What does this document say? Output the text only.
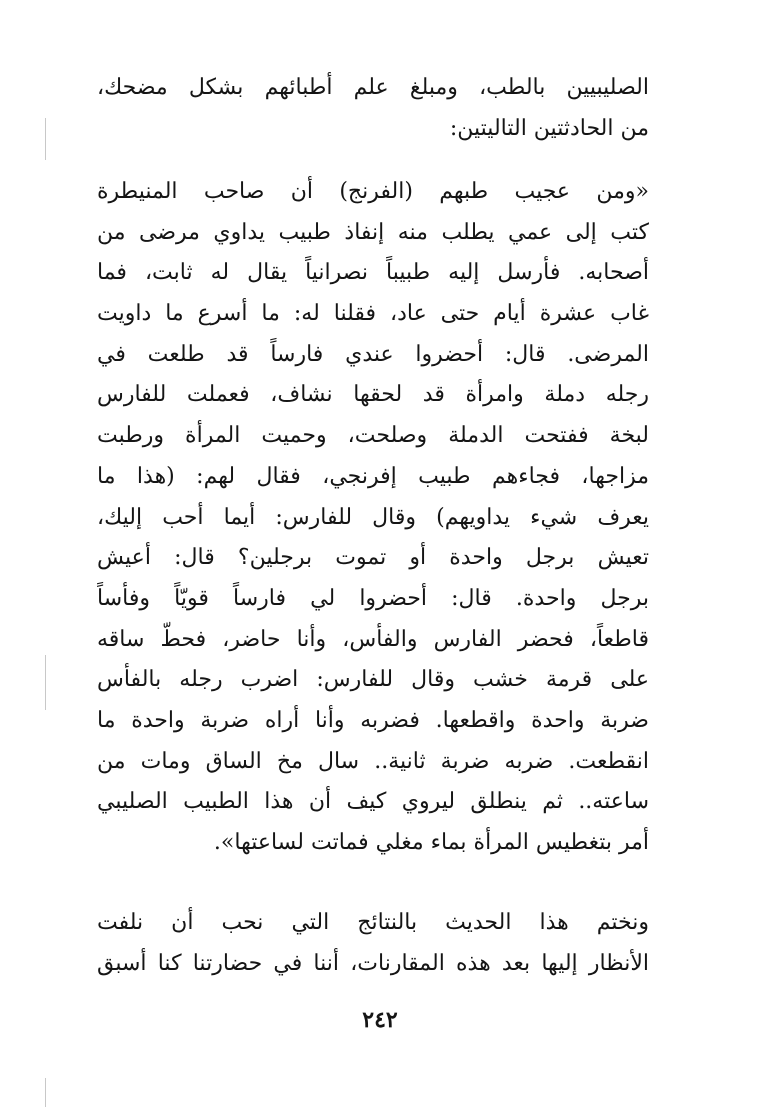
الصليبيين بالطب، ومبلغ علم أطبائهم بشكل مضحك،
من الحادثتين التاليتين:
«ومن عجيب طبهم (الفرنج) أن صاحب المنيطرة
كتب إلى عمي يطلب منه إنفاذ طبيب يداوي مرضى من
أصحابه. فأرسل إليه طبيباً نصرانياً يقال له ثابت، فما
غاب عشرة أيام حتى عاد، فقلنا له: ما أسرع ما داويت
المرضى. قال: أحضروا عندي فارساً قد طلعت في
رجله دملة وامرأة قد لحقها نشاف، فعملت للفارس
لبخة ففتحت الدملة وصلحت، وحميت المرأة ورطبت
مزاجها، فجاءهم طبيب إفرنجي، فقال لهم: (هذا ما
يعرف شيء يداويهم) وقال للفارس: أيما أحب إليك،
تعيش برجل واحدة أو تموت برجلين؟ قال: أعيش
برجل واحدة. قال: أحضروا لي فارساً قويّاً وفأساً
قاطعاً، فحضر الفارس والفأس، وأنا حاضر، فحطّ ساقه
على قرمة خشب وقال للفارس: اضرب رجله بالفأس
ضربة واحدة واقطعها. فضربه وأنا أراه ضربة واحدة ما
انقطعت. ضربه ضربة ثانية.. سال مخ الساق ومات من
ساعته.. ثم ينطلق ليروي كيف أن هذا الطبيب الصليبي
أمر بتغطيس المرأة بماء مغلي فماتت لساعتها».
ونختم هذا الحديث بالنتائج التي نحب أن نلفت
الأنظار إليها بعد هذه المقارنات، أننا في حضارتنا كنا أسبق
٢٤٢
